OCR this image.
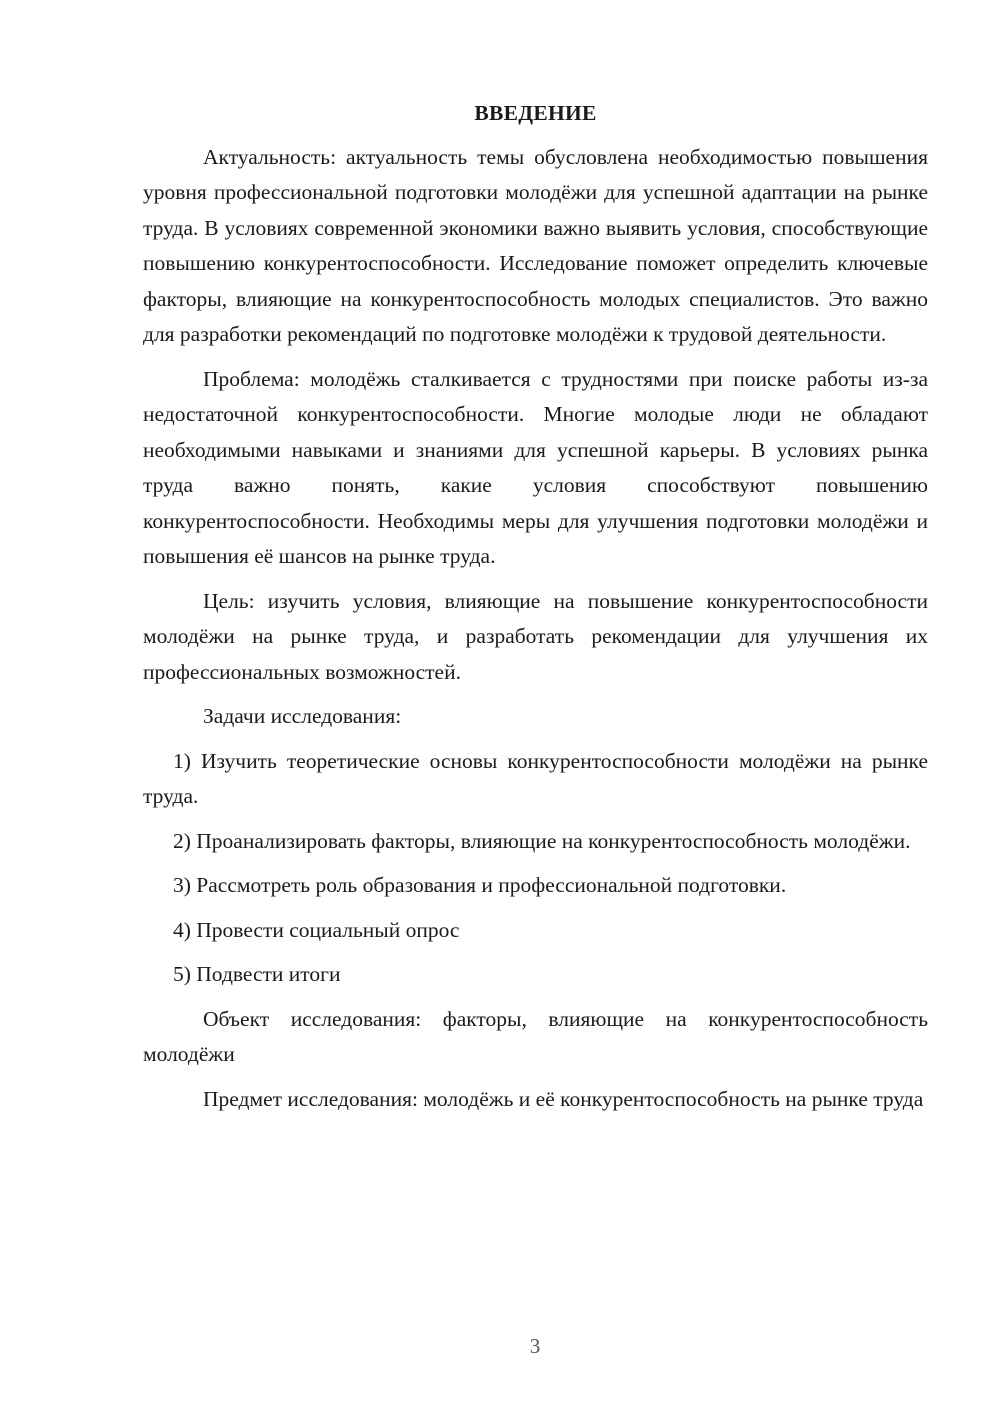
ВВЕДЕНИЕ

Актуальность: актуальность темы обусловлена необходимостью повышения уровня профессиональной подготовки молодёжи для успешной адаптации на рынке труда. В условиях современной экономики важно выявить условия, способствующие повышению конкурентоспособности. Исследование поможет определить ключевые факторы, влияющие на конкурентоспособность молодых специалистов. Это важно для разработки рекомендаций по подготовке молодёжи к трудовой деятельности.

Проблема: молодёжь сталкивается с трудностями при поиске работы из-за недостаточной конкурентоспособности. Многие молодые люди не обладают необходимыми навыками и знаниями для успешной карьеры. В условиях рынка труда важно понять, какие условия способствуют повышению конкурентоспособности. Необходимы меры для улучшения подготовки молодёжи и повышения её шансов на рынке труда.

Цель: изучить условия, влияющие на повышение конкурентоспособности молодёжи на рынке труда, и разработать рекомендации для улучшения их профессиональных возможностей.

Задачи исследования:

1) Изучить теоретические основы конкурентоспособности молодёжи на рынке труда.

2) Проанализировать факторы, влияющие на конкурентоспособность молодёжи.

3) Рассмотреть роль образования и профессиональной подготовки.

4) Провести социальный опрос

5) Подвести итоги

Объект исследования: факторы, влияющие на конкурентоспособность молодёжи

Предмет исследования: молодёжь и её конкурентоспособность на рынке труда

3
